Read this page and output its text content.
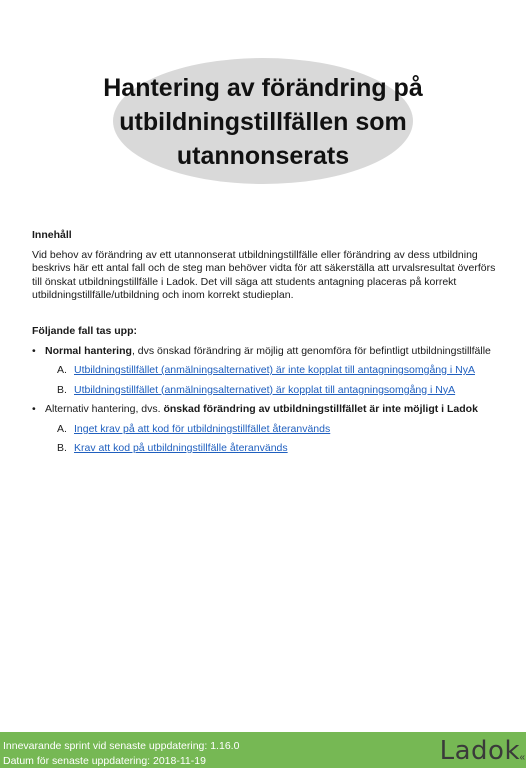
Hantering av förändring på utbildningstillfällen som utannonserats
Innehåll

Vid behov av förändring av ett utannonserat utbildningstillfälle eller förändring av dess utbildning beskrivs här ett antal fall och de steg man behöver vidta för att säkerställa att urvalsresultat överförs till önskat utbildningstillfälle i Ladok. Det vill säga att students antagning placeras på korrekt utbildningstillfälle/utbildning och inom korrekt studieplan.

Följande fall tas upp:
• Normal hantering, dvs önskad förändring är möjlig att genomföra för befintligt utbildningstillfälle
A. Utbildningstillfället (anmälningsalternativet) är inte kopplat till antagningsomgång i NyA
B. Utbildningstillfället (anmälningsalternativet) är kopplat till antagningsomgång i NyA
• Alternativ hantering, dvs. önskad förändring av utbildningstillfället är inte möjligt i Ladok
A. Inget krav på att kod för utbildningstillfället återanvänds
B. Krav att kod på utbildningstillfälle återanvänds
Innevarande sprint vid senaste uppdatering: 1.16.0
Datum för senaste uppdatering: 2018-11-19	Ladok «
